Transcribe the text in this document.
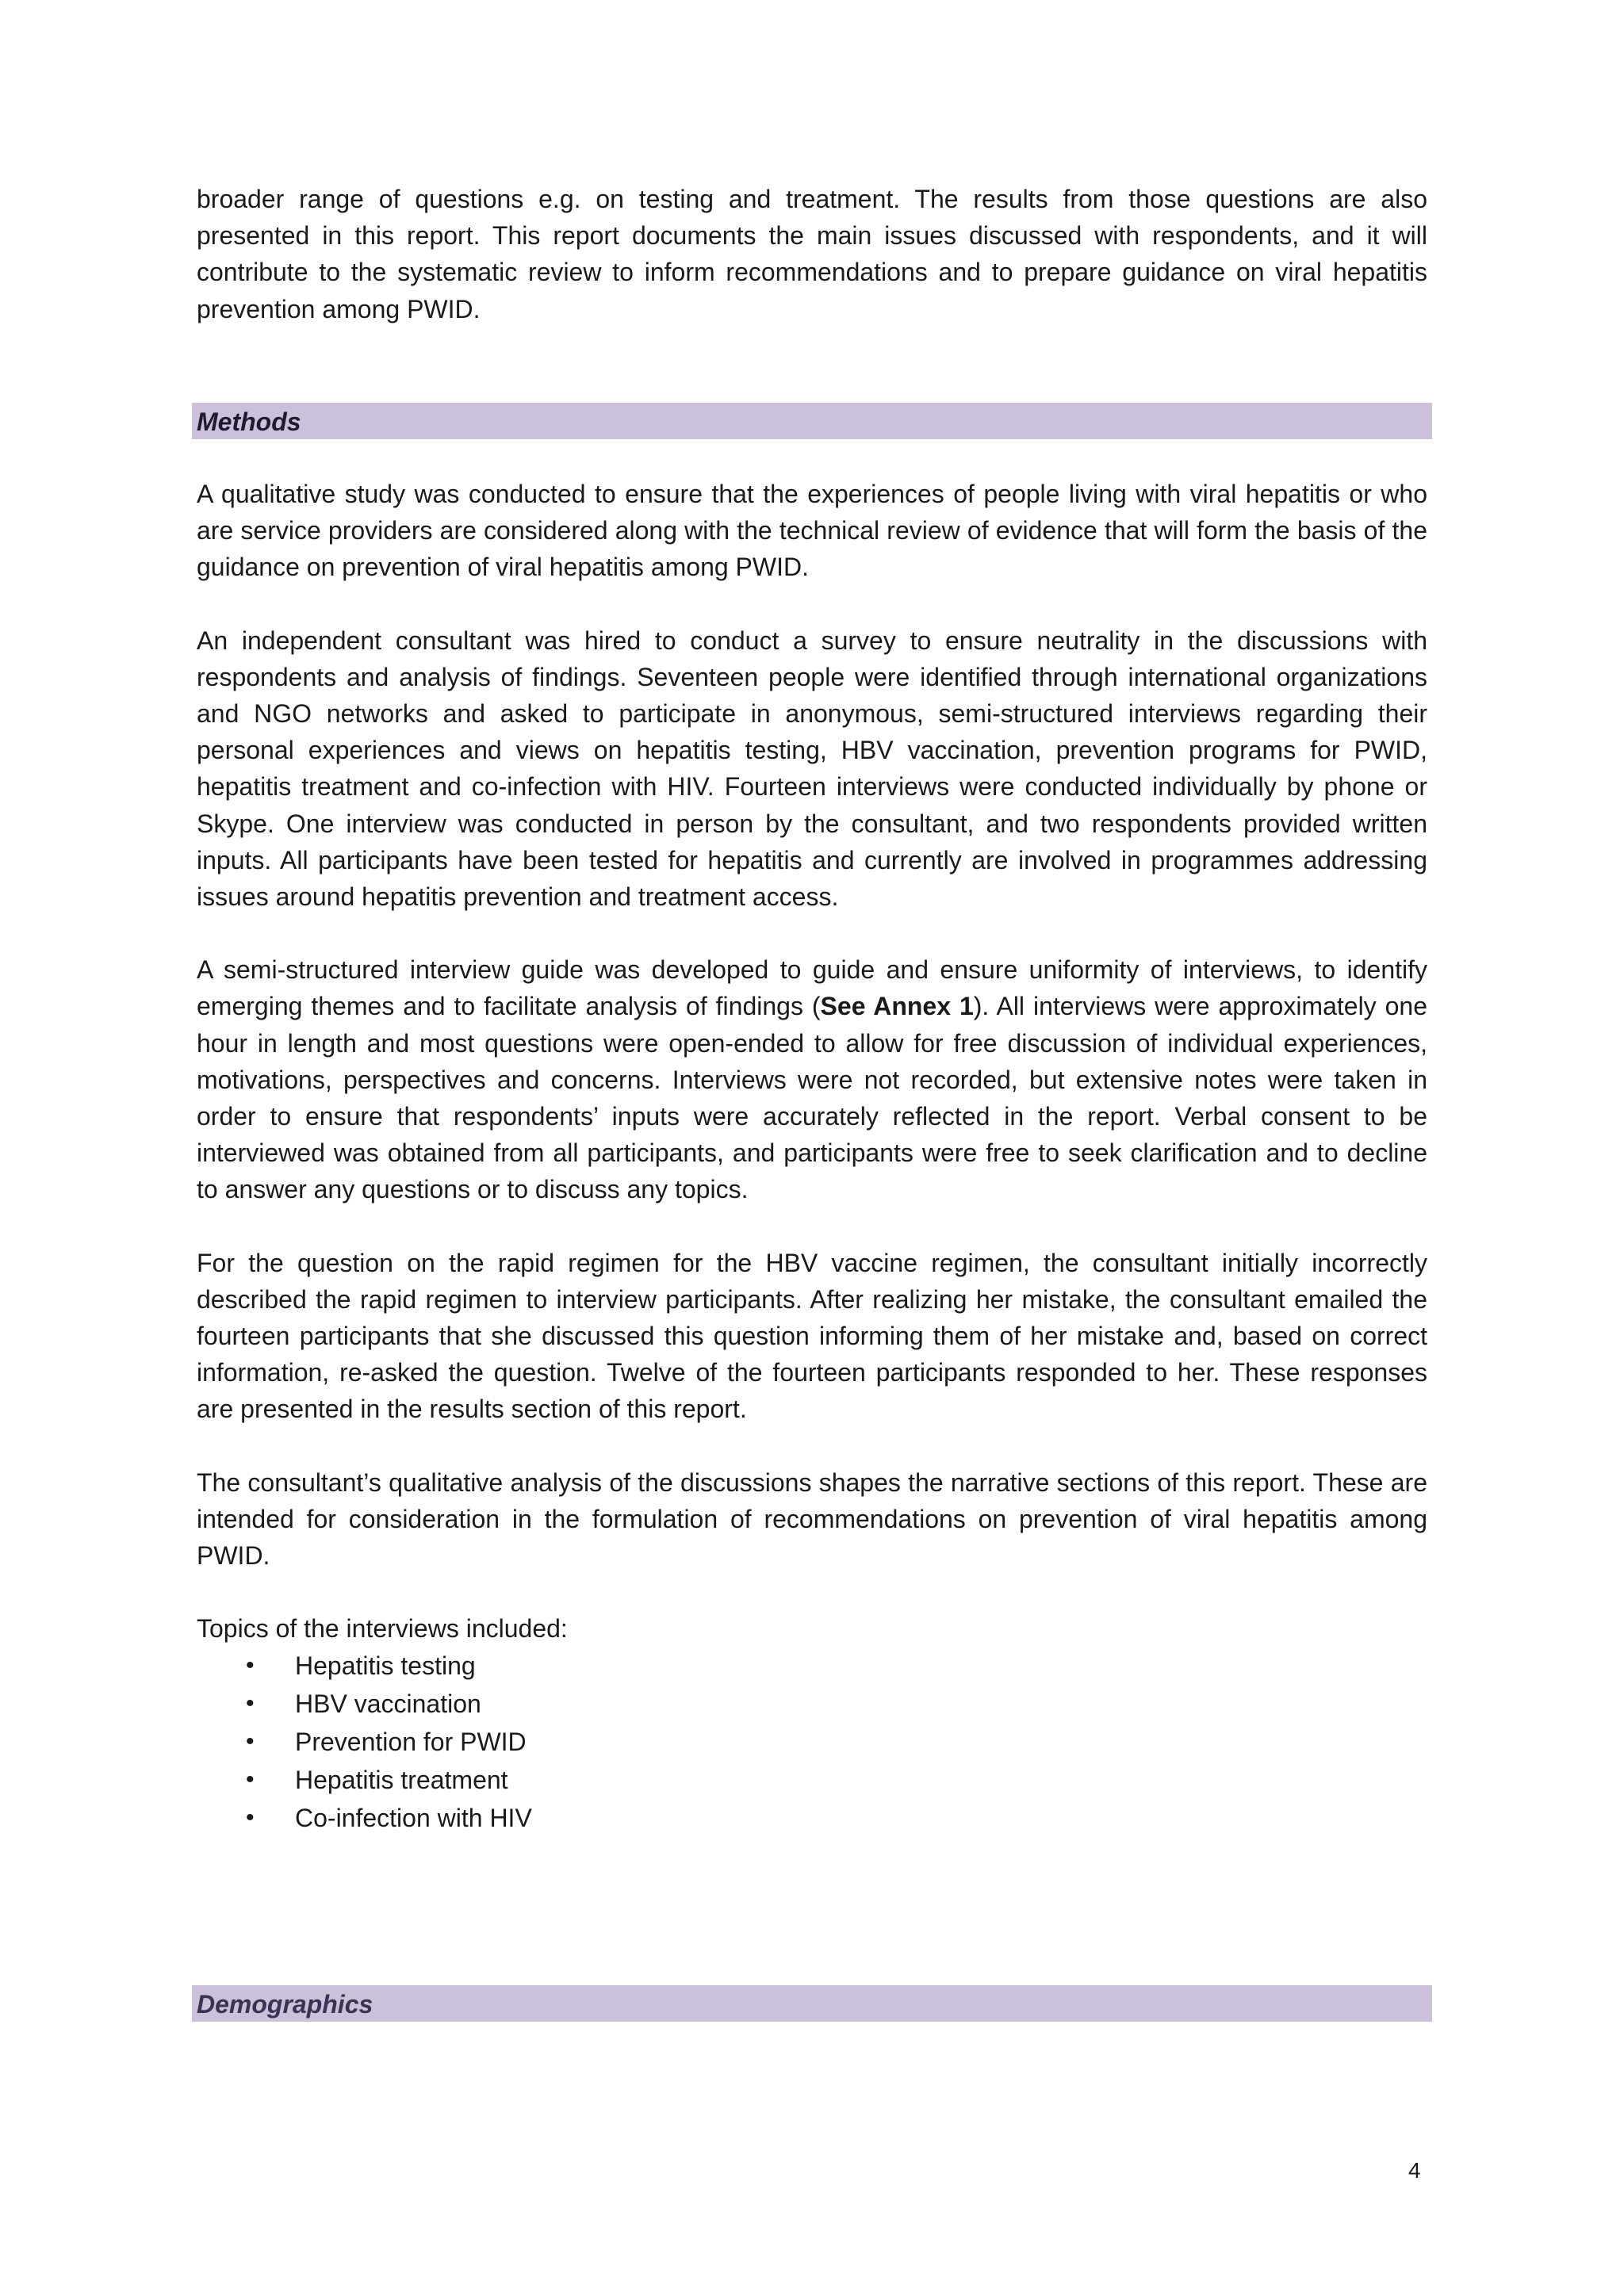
broader range of questions e.g. on testing and treatment. The results from those questions are also presented in this report. This report documents the main issues discussed with respondents, and it will contribute to the systematic review to inform recommendations and to prepare guidance on viral hepatitis prevention among PWID.

Methods

A qualitative study was conducted to ensure that the experiences of people living with viral hepatitis or who are service providers are considered along with the technical review of evidence that will form the basis of the guidance on prevention of viral hepatitis among PWID.

An independent consultant was hired to conduct a survey to ensure neutrality in the discussions with respondents and analysis of findings. Seventeen people were identified through international organizations and NGO networks and asked to participate in anonymous, semi-structured interviews regarding their personal experiences and views on hepatitis testing, HBV vaccination, prevention programs for PWID, hepatitis treatment and co-infection with HIV. Fourteen interviews were conducted individually by phone or Skype. One interview was conducted in person by the consultant, and two respondents provided written inputs. All participants have been tested for hepatitis and currently are involved in programmes addressing issues around hepatitis prevention and treatment access.

A semi-structured interview guide was developed to guide and ensure uniformity of interviews, to identify emerging themes and to facilitate analysis of findings (See Annex 1). All interviews were approximately one hour in length and most questions were open-ended to allow for free discussion of individual experiences, motivations, perspectives and concerns. Interviews were not recorded, but extensive notes were taken in order to ensure that respondents’ inputs were accurately reflected in the report. Verbal consent to be interviewed was obtained from all participants, and participants were free to seek clarification and to decline to answer any questions or to discuss any topics.

For the question on the rapid regimen for the HBV vaccine regimen, the consultant initially incorrectly described the rapid regimen to interview participants. After realizing her mistake, the consultant emailed the fourteen participants that she discussed this question informing them of her mistake and, based on correct information, re-asked the question. Twelve of the fourteen participants responded to her. These responses are presented in the results section of this report.

The consultant’s qualitative analysis of the discussions shapes the narrative sections of this report. These are intended for consideration in the formulation of recommendations on prevention of viral hepatitis among PWID.

Topics of the interviews included:

• Hepatitis testing
• HBV vaccination
• Prevention for PWID
• Hepatitis treatment
• Co-infection with HIV
Demographics
4
